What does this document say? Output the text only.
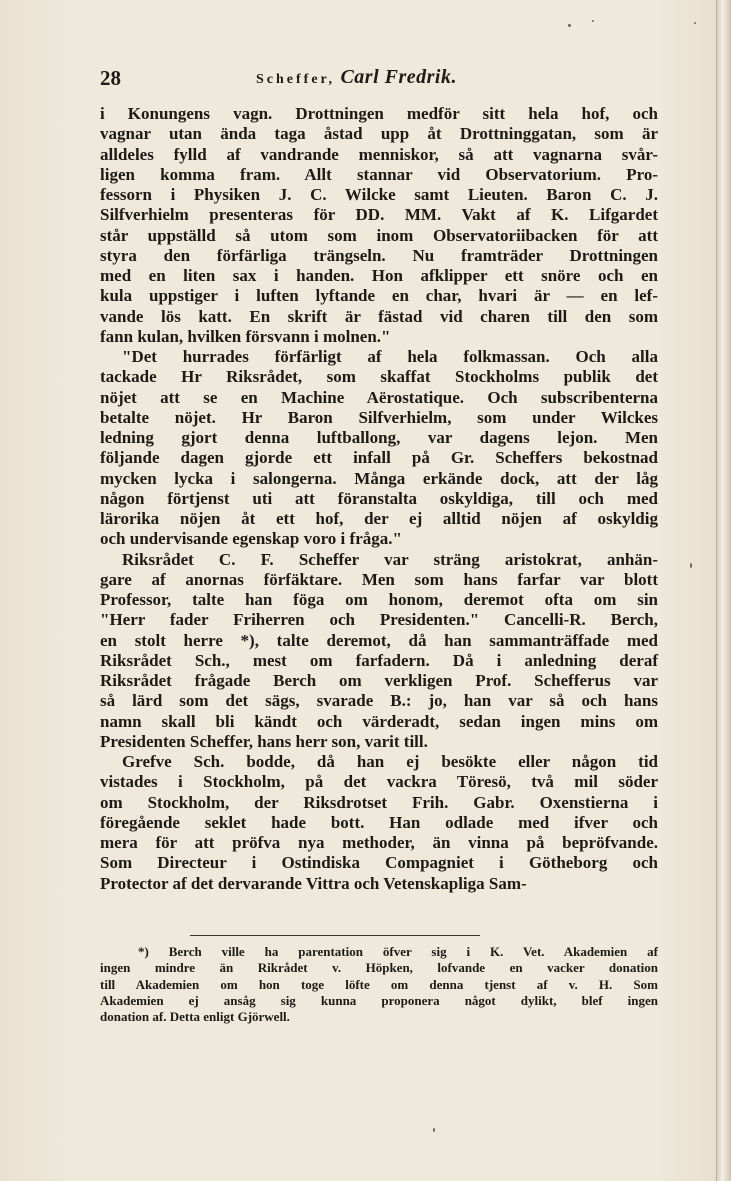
28	Scheffer, Carl Fredrik.
i Konungens vagn. Drottningen medför sitt hela hof, och
vagnar utan ända taga åstad upp åt Drottninggatan, som är
alldeles fylld af vandrande menniskor, så att vagnarna svår-
ligen komma fram. Allt stannar vid Observatorium. Pro-
fessorn i Physiken J. C. Wilcke samt Lieuten. Baron C. J.
Silfverhielm presenteras för DD. MM. Vakt af K. Lifgardet
står uppställd så utom som inom Observatoriibacken för att
styra den förfärliga trängseln. Nu framträder Drottningen
med en liten sax i handen. Hon afklipper ett snöre och en
kula uppstiger i luften lyftande en char, hvari är — en lef-
vande lös katt. En skrift är fästad vid charen till den som
fann kulan, hvilken försvann i molnen."
"Det hurrades förfärligt af hela folkmassan. Och alla
tackade Hr Riksrådet, som skaffat Stockholms publik det
nöjet att se en Machine Aërostatique. Och subscribenterna
betalte nöjet. Hr Baron Silfverhielm, som under Wilckes
ledning gjort denna luftballong, var dagens lejon. Men
följande dagen gjorde ett infall på Gr. Scheffers bekostnad
mycken lycka i salongerna. Många erkände dock, att der låg
någon förtjenst uti att föranstalta oskyldiga, till och med
lärorika nöjen åt ett hof, der ej alltid nöjen af oskyldig
och undervisande egenskap voro i fråga."
Riksrådet C. F. Scheffer var sträng aristokrat, anhän-
gare af anornas förfäktare. Men som hans farfar var blott
Professor, talte han föga om honom, deremot ofta om sin
"Herr fader Friherren och Presidenten." Cancelli-R. Berch,
en stolt herre *), talte deremot, då han sammanträffade med
Riksrådet Sch., mest om farfadern. Då i anledning deraf
Riksrådet frågade Berch om verkligen Prof. Schefferus var
så lärd som det sägs, svarade B.: jo, han var så och hans
namn skall bli kändt och värderadt, sedan ingen mins om
Presidenten Scheffer, hans herr son, varit till.
Grefve Sch. bodde, då han ej besökte eller någon tid
vistades i Stockholm, på det vackra Töresö, två mil söder
om Stockholm, der Riksdrotset Frih. Gabr. Oxenstierna i
föregående seklet hade bott. Han odlade med ifver och
mera för att pröfva nya methoder, än vinna på bepröfvande.
Som Directeur i Ostindiska Compagniet i Götheborg och
Protector af det dervarande Vittra och Vetenskapliga Sam-
*) Berch ville ha parentation öfver sig i K. Vet. Akademien af
ingen mindre än Rikrådet v. Höpken, lofvande en vacker donation
till Akademien om hon toge löfte om denna tjenst af v. H. Som
Akademien ej ansåg sig kunna proponera något dylikt, blef ingen
donation af. Detta enligt Gjörwell.
